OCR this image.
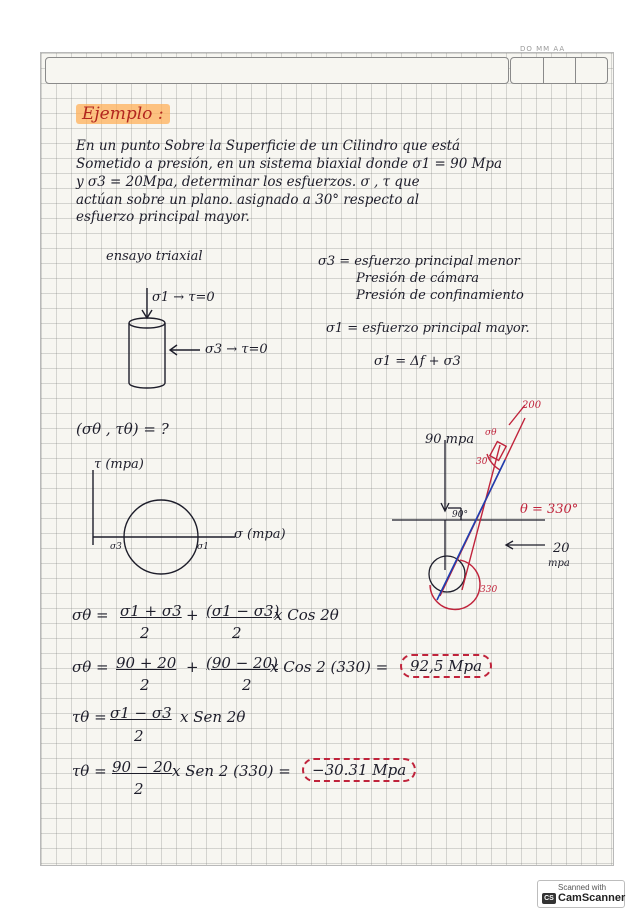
DO MM AA
Ejemplo :
En un punto Sobre la Superficie de un Cilindro que está
Sometido a presión, en un sistema biaxial donde σ1 = 90 Mpa
y σ3 = 20Mpa, determinar los esfuerzos. σ , τ que
actúan sobre un plano. asignado a 30° respecto al
esfuerzo principal mayor.
ensayo triaxial
σ1 → τ=0
σ3 → τ=0
σ3 = esfuerzo principal menor
Presión de cámara
Presión de confinamiento
σ1 = esfuerzo principal mayor.
σ1 = Δf + σ3
(σθ , τθ) = ?
τ (mpa)
σ (mpa)
σ3	σ1
90 mpa
90°	θ = 330°
20
mpa
30°
200
σθ
330
σθ = σ1 + σ3
2
+ (σ1 − σ3)
2
x Cos 2θ
σθ = 90 + 20
2
+ (90 − 20)
2
x Cos 2 (330) =	92,5 Mpa
τθ = σ1 − σ3
2
x Sen 2θ
τθ = 90 − 20
2
x Sen 2 (330) =	−30.31 Mpa
Scanned with
CS CamScanner
